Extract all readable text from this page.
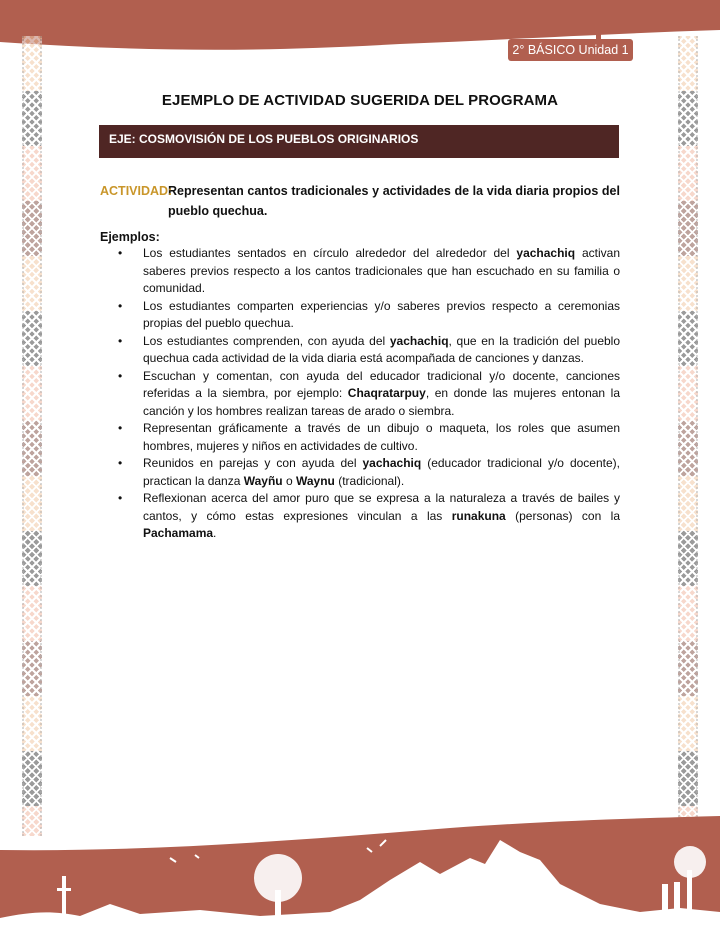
2° BÁSICO Unidad 1
EJEMPLO DE ACTIVIDAD SUGERIDA DEL PROGRAMA
EJE: COSMOVISIÓN DE LOS PUEBLOS ORIGINARIOS
ACTIVIDAD:
Representan cantos tradicionales y actividades de la vida diaria propios del pueblo quechua.
Ejemplos:
• Los estudiantes sentados en círculo alrededor del alrededor del yachachiq activan saberes previos respecto a los cantos tradicionales que han escuchado en su familia o comunidad.
• Los estudiantes comparten experiencias y/o saberes previos respecto a ceremonias propias del pueblo quechua.
• Los estudiantes comprenden, con ayuda del yachachiq, que en la tradición del pueblo quechua cada actividad de la vida diaria está acompañada de canciones y danzas.
• Escuchan y comentan, con ayuda del educador tradicional y/o docente, canciones referidas a la siembra, por ejemplo: Chaqratarpuy, en donde las mujeres entonan la canción y los hombres realizan tareas de arado o siembra.
• Representan gráficamente a través de un dibujo o maqueta, los roles que asumen hombres, mujeres y niños en actividades de cultivo.
• Reunidos en parejas y con ayuda del yachachiq (educador tradicional y/o docente), practican la danza Wayñu o Waynu (tradicional).
• Reflexionan acerca del amor puro que se expresa a la naturaleza a través de bailes y cantos, y cómo estas expresiones vinculan a las runakuna (personas) con la Pachamama.
